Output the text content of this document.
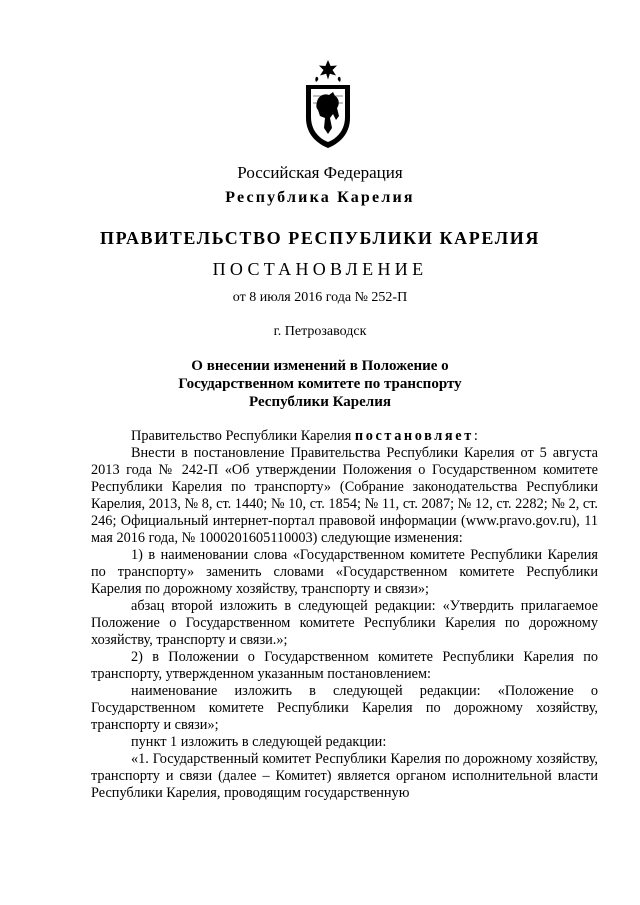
Российская Федерация
Республика Карелия
ПРАВИТЕЛЬСТВО РЕСПУБЛИКИ КАРЕЛИЯ
ПОСТАНОВЛЕНИЕ
от 8 июля 2016 года № 252-П
г. Петрозаводск
О внесении изменений в Положение о
Государственном комитете по транспорту
Республики Карелия

Правительство Республики Карелия постановляет:

Внести в постановление Правительства Республики Карелия от 5 августа 2013 года № 242-П «Об утверждении Положения о Государственном комитете Республики Карелия по транспорту» (Собрание законодательства Республики Карелия, 2013, № 8, ст. 1440; № 10, ст. 1854; № 11, ст. 2087; № 12, ст. 2282; № 2, ст. 246; Официальный интернет-портал правовой информации (www.pravo.gov.ru), 11 мая 2016 года, № 1000201605110003) следующие изменения:

1) в наименовании слова «Государственном комитете Республики Карелия по транспорту» заменить словами «Государственном комитете Республики Карелия по дорожному хозяйству, транспорту и связи»;

абзац второй изложить в следующей редакции: «Утвердить прилагаемое Положение о Государственном комитете Республики Карелия по дорожному хозяйству, транспорту и связи.»;

2) в Положении о Государственном комитете Республики Карелия по транспорту, утвержденном указанным постановлением:

наименование изложить в следующей редакции: «Положение о Государственном комитете Республики Карелия по дорожному хозяйству, транспорту и связи»;

пункт 1 изложить в следующей редакции:

«1. Государственный комитет Республики Карелия по дорожному хозяйству, транспорту и связи (далее – Комитет) является органом исполнительной власти Республики Карелия, проводящим государственную
